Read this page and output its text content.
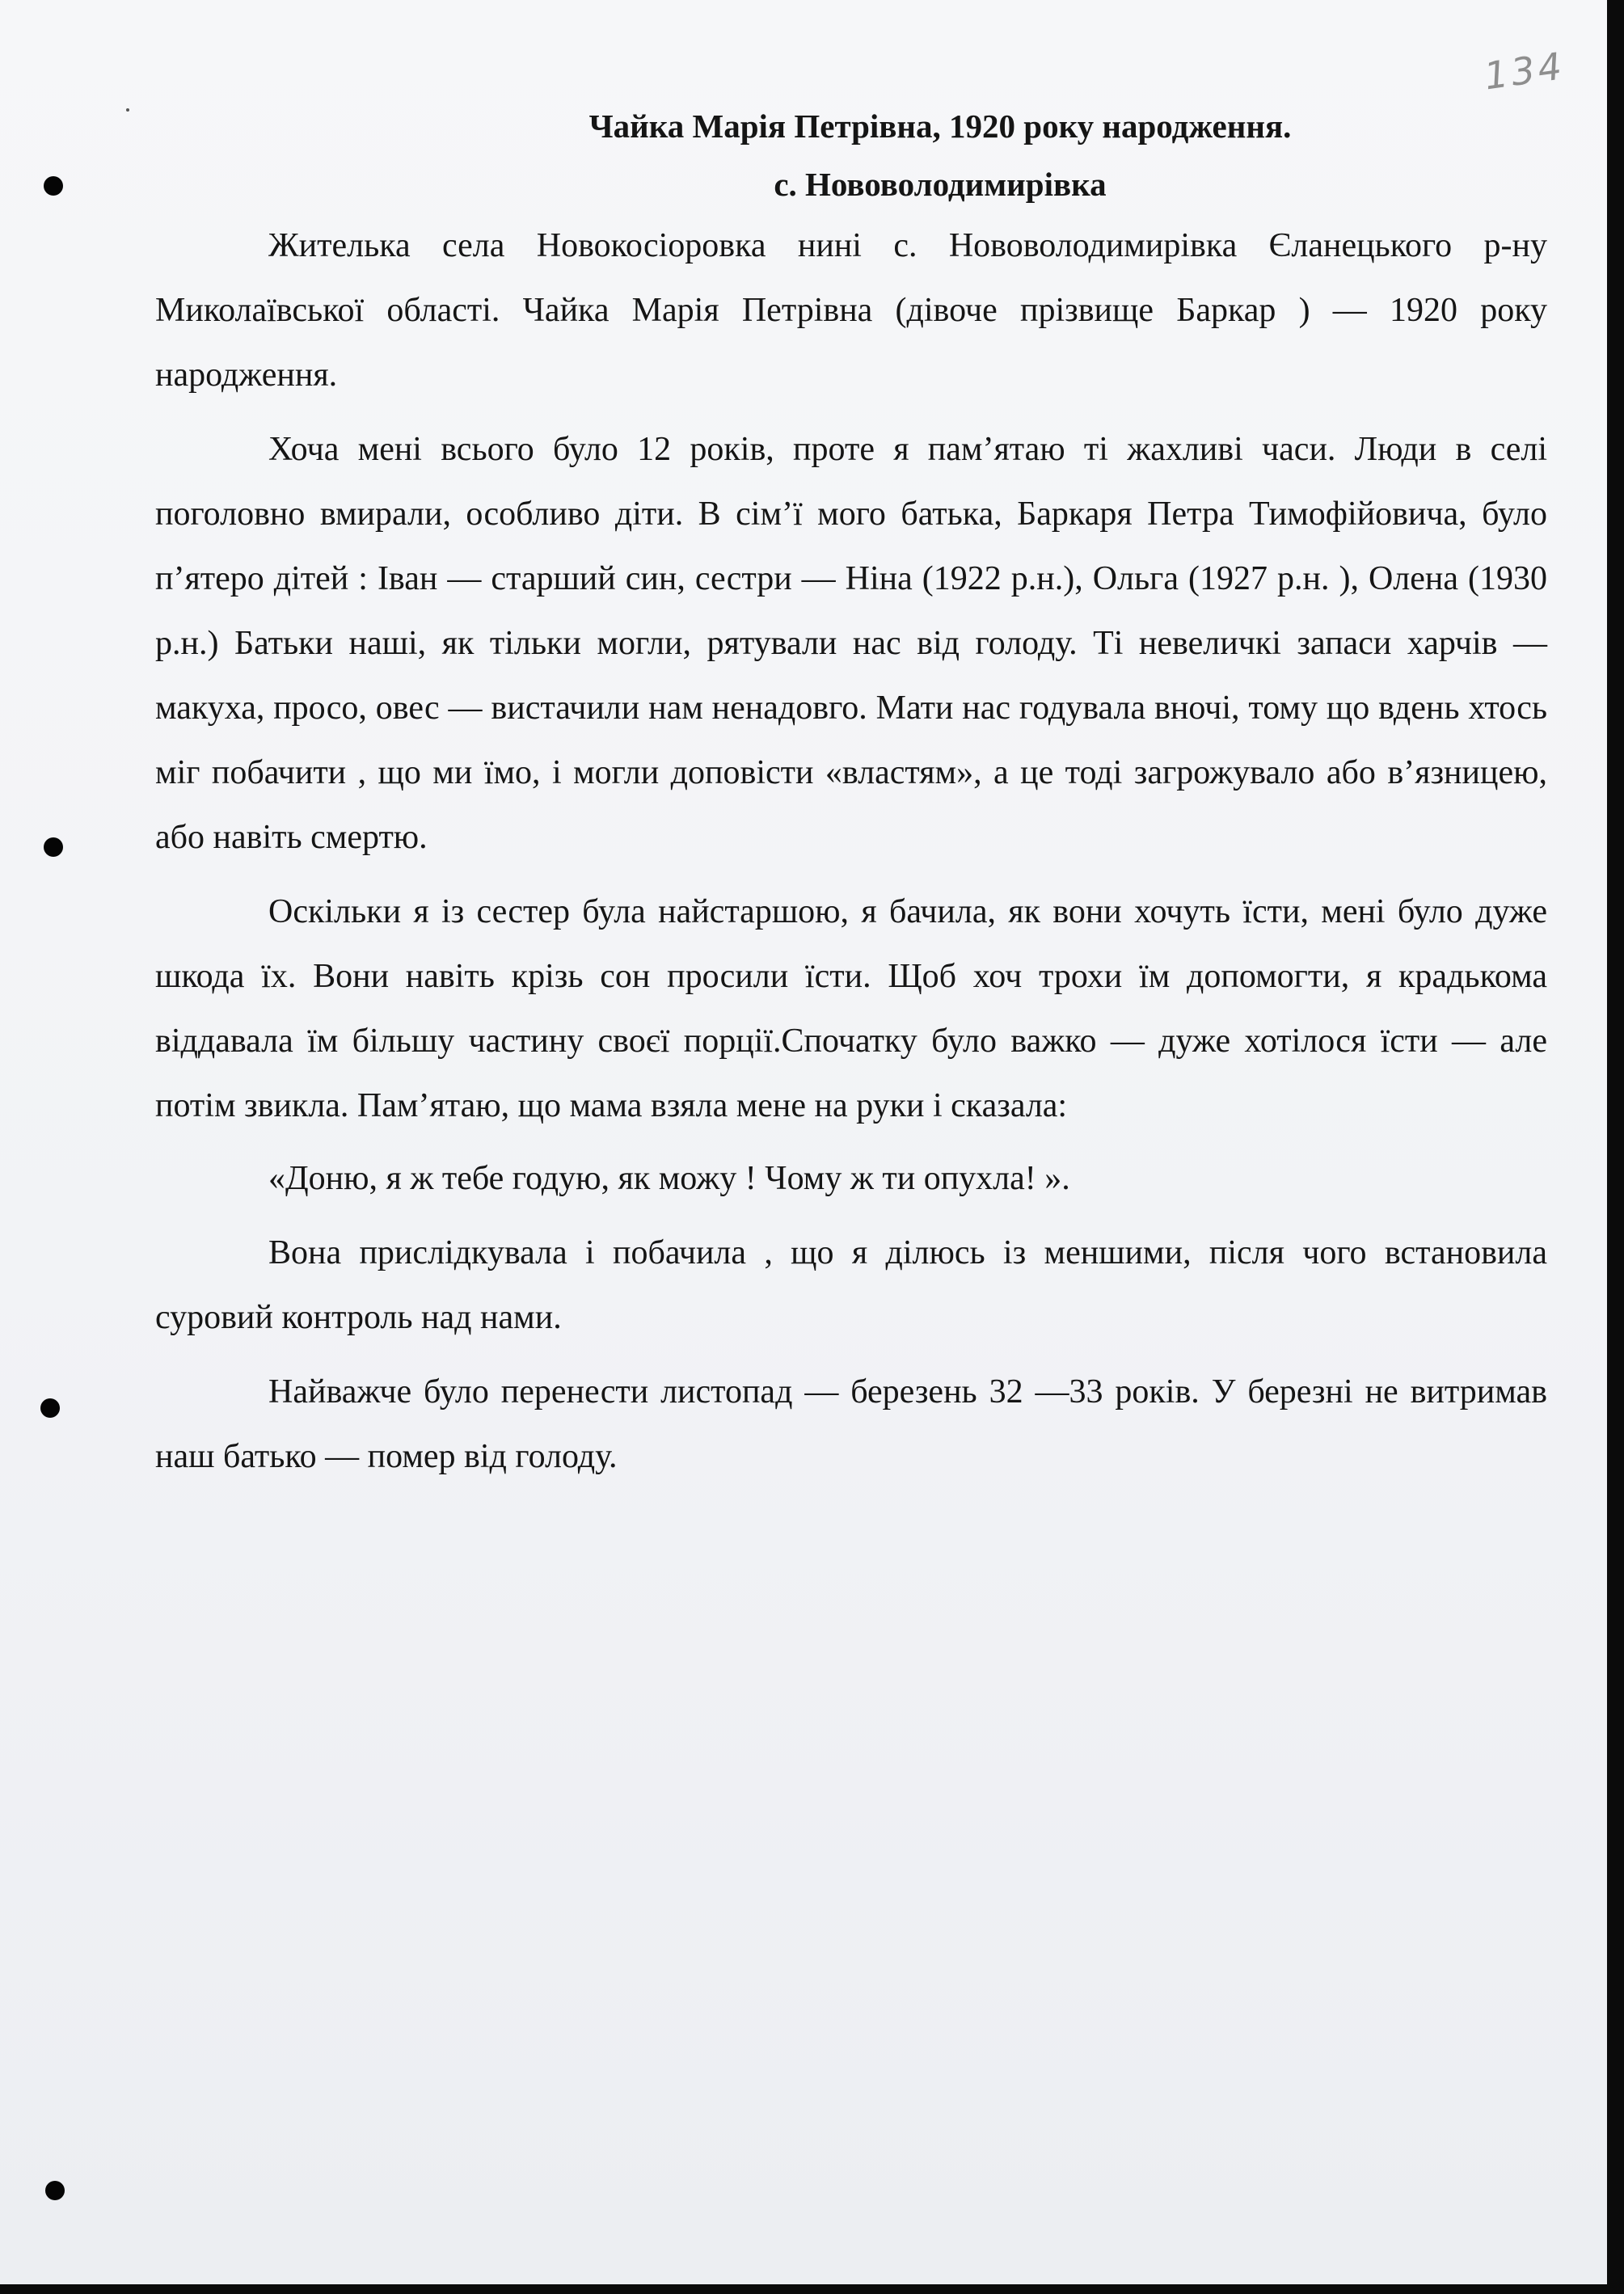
134
Чайка Марія Петрівна, 1920 року народження.
с. Нововолодимирівка

Жителька села Новокосіоровка нині с. Нововолодимирівка Єланецького р-ну Миколаївської області. Чайка Марія Петрівна (дівоче прізвище Баркар ) — 1920 року народження.

Хоча мені всього було 12 років, проте я пам’ятаю ті жахливі часи. Люди в селі поголовно вмирали, особливо діти. В сім’ї мого батька, Баркаря Петра Тимофійовича, було п’ятеро дітей : Іван — старший син, сестри — Ніна (1922 р.н.), Ольга (1927 р.н. ), Олена (1930 р.н.) Батьки наші, як тільки могли, рятували нас від голоду. Ті невеличкі запаси харчів — макуха, просо, овес — вистачили нам ненадовго. Мати нас годувала вночі, тому що вдень хтось міг побачити , що ми їмо, і могли доповісти «властям», а це тоді загрожувало або в’язницею, або навіть смертю.

Оскільки я із сестер була найстаршою, я бачила, як вони хочуть їсти, мені було дуже шкода їх. Вони навіть крізь сон просили їсти. Щоб хоч трохи їм допомогти, я крадькома віддавала їм більшу частину своєї порції.Спочатку було важко — дуже хотілося їсти — але потім звикла. Пам’ятаю, що мама взяла мене на руки і сказала:

«Доню, я ж тебе годую, як можу ! Чому ж ти опухла! ».

Вона прислідкувала і побачила , що я ділюсь із меншими, після чого встановила суровий контроль над нами.

Найважче було перенести листопад — березень 32 —33 років. У березні не витримав наш батько — помер від голоду.
